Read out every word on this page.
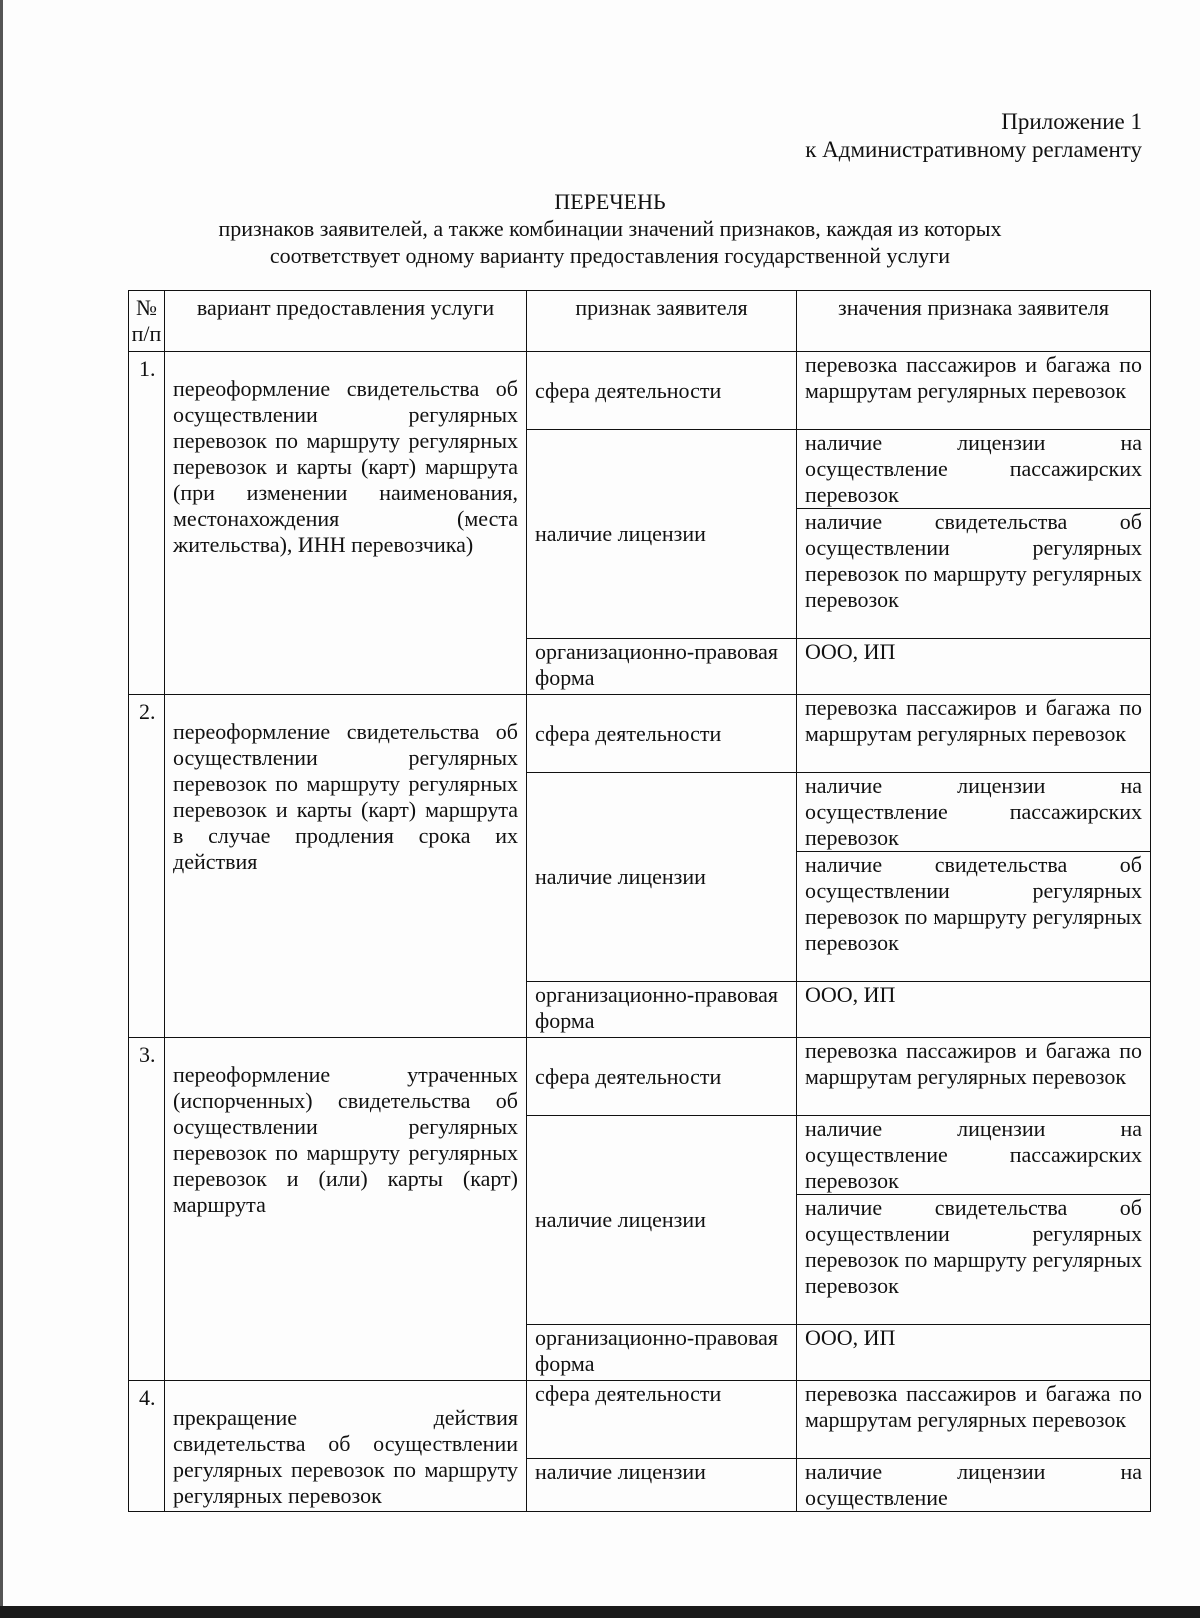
Приложение 1
к Административному регламенту
ПЕРЕЧЕНЬ
признаков заявителей, а также комбинации значений признаков, каждая из которых
соответствует одному варианту предоставления государственной услуги
№
п/п	вариант предоставления услуги	признак заявителя	значения признака заявителя
1.	переоформление свидетельства об осуществлении регулярных перевозок по маршруту регулярных перевозок и карты (карт) маршрута (при изменении наименования, местонахождения (места жительства), ИНН перевозчика)	сфера деятельности	перевозка пассажиров и багажа по маршрутам регулярных перевозок
		наличие лицензии	наличие лицензии на осуществление пассажирских перевозок
			наличие свидетельства об осуществлении регулярных перевозок по маршруту регулярных перевозок
		организационно-правовая форма	ООО, ИП
2.	переоформление свидетельства об осуществлении регулярных перевозок по маршруту регулярных перевозок и карты (карт) маршрута в случае продления срока их действия	сфера деятельности	перевозка пассажиров и багажа по маршрутам регулярных перевозок
		наличие лицензии	наличие лицензии на осуществление пассажирских перевозок
			наличие свидетельства об осуществлении регулярных перевозок по маршруту регулярных перевозок
		организационно-правовая форма	ООО, ИП
3.	переоформление утраченных (испорченных) свидетельства об осуществлении регулярных перевозок по маршруту регулярных перевозок и (или) карты (карт) маршрута	сфера деятельности	перевозка пассажиров и багажа по маршрутам регулярных перевозок
		наличие лицензии	наличие лицензии на осуществление пассажирских перевозок
			наличие свидетельства об осуществлении регулярных перевозок по маршруту регулярных перевозок
		организационно-правовая форма	ООО, ИП
4.	прекращение действия свидетельства об осуществлении регулярных перевозок по маршруту регулярных перевозок	сфера деятельности	перевозка пассажиров и багажа по маршрутам регулярных перевозок
		наличие лицензии	наличие лицензии на осуществление
